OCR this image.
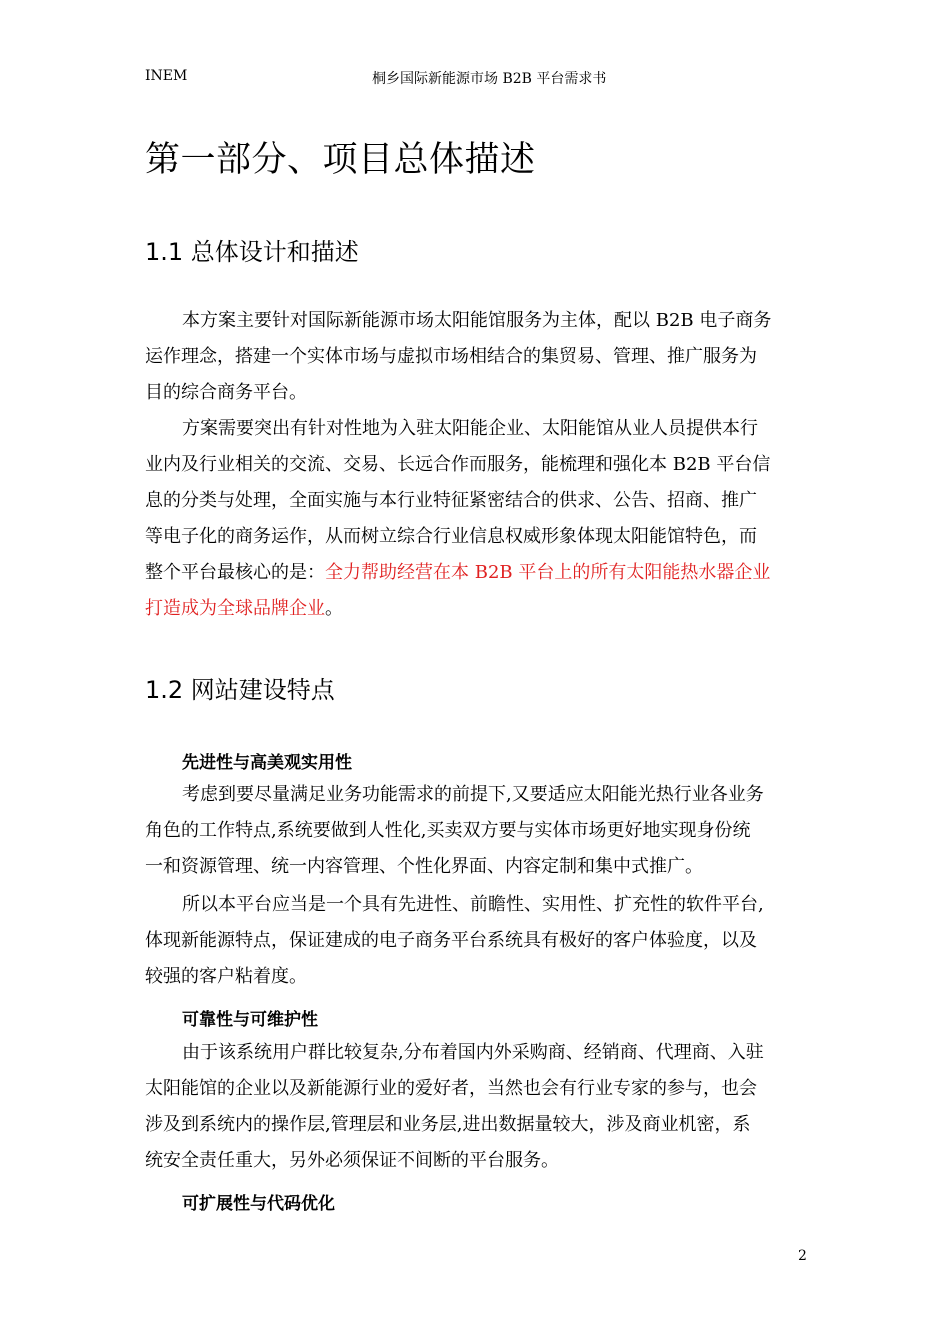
INEM	桐乡国际新能源市场 B2B 平台需求书
第一部分、项目总体描述
1.1 总体设计和描述
本方案主要针对国际新能源市场太阳能馆服务为主体，配以 B2B 电子商务
运作理念，搭建一个实体市场与虚拟市场相结合的集贸易、管理、推广服务为
目的综合商务平台。
方案需要突出有针对性地为入驻太阳能企业、太阳能馆从业人员提供本行
业内及行业相关的交流、交易、长远合作而服务，能梳理和强化本 B2B 平台信
息的分类与处理，全面实施与本行业特征紧密结合的供求、公告、招商、推广
等电子化的商务运作，从而树立综合行业信息权威形象体现太阳能馆特色，而
整个平台最核心的是：全力帮助经营在本 B2B 平台上的所有太阳能热水器企业
打造成为全球品牌企业。
1.2 网站建设特点
先进性与高美观实用性
考虑到要尽量满足业务功能需求的前提下,又要适应太阳能光热行业各业务
角色的工作特点,系统要做到人性化,买卖双方要与实体市场更好地实现身份统
一和资源管理、统一内容管理、个性化界面、内容定制和集中式推广。
所以本平台应当是一个具有先进性、前瞻性、实用性、扩充性的软件平台,
体现新能源特点，保证建成的电子商务平台系统具有极好的客户体验度，以及
较强的客户粘着度。
可靠性与可维护性
由于该系统用户群比较复杂,分布着国内外采购商、经销商、代理商、入驻
太阳能馆的企业以及新能源行业的爱好者，当然也会有行业专家的参与，也会
涉及到系统内的操作层,管理层和业务层,进出数据量较大，涉及商业机密，系
统安全责任重大，另外必须保证不间断的平台服务。
可扩展性与代码优化
2
